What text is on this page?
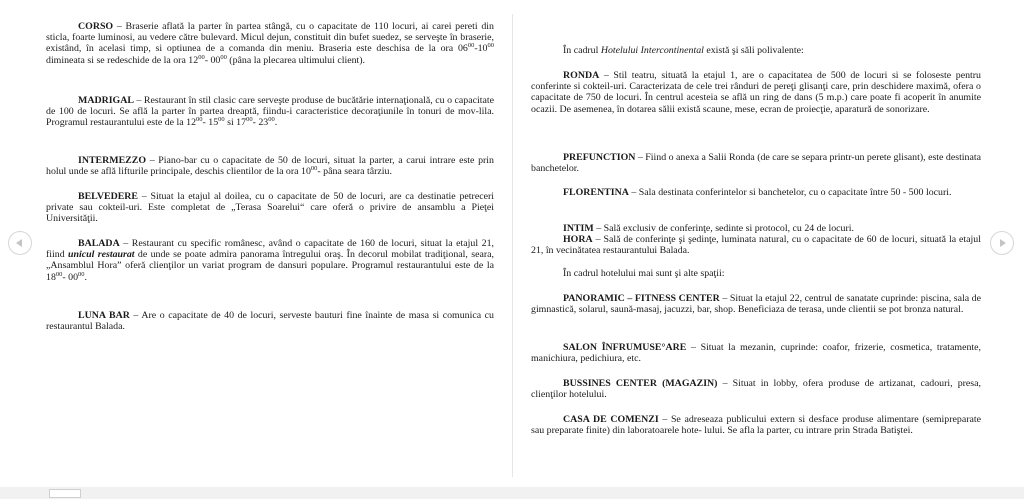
CORSO – Braserie aflată la parter în partea stângă, cu o capacitate de 110 locuri, ai carei pereti din sticla, foarte luminosi, au vedere către bulevard. Micul dejun, constituit din bufet suedez, se serveşte în braserie, existând, în acelasi timp, si optiunea de a comanda din meniu. Braseria este deschisa de la ora $06^{00}-10^{00}$ dimineata si se redeschide de la ora $12^{00}-$ $00^{00}$ (pâna la plecarea ultimului client).

MADRIGAL – Restaurant în stil clasic care serveşte produse de bucătărie internaţională, cu o capacitate de 100 de locuri. Se află la parter în partea dreaptă, fiindu-i caracteristice decoraţiunile în tonuri de mov-lila. Programul restaurantului este de la $12^{00}-$ $15^{00}$ si $17^{00}-$ $23^{00}$.

INTERMEZZO – Piano-bar cu o capacitate de 50 de locuri, situat la parter, a carui intrare este prin holul unde se află lifturile principale, deschis clientilor de la ora $10^{00}-$ pâna seara târziu.

BELVEDERE – Situat la etajul al doilea, cu o capacitate de 50 de locuri, are ca destinatie petreceri private sau cokteil-uri. Este completat de „Terasa Soarelui“ care oferă o privire de ansamblu a Pieţei Universităţii.

BALADA – Restaurant cu specific românesc, având o capacitate de 160 de locuri, situat la etajul 21, fiind unicul restaurat de unde se poate admira panorama întregului oraş. În decorul mobilat tradiţional, seara, „Ansamblul Hora” oferă clienţilor un variat program de dansuri populare. Programul restaurantului este de la $18^{00}-$ $00^{00}$.

LUNA BAR – Are o capacitate de 40 de locuri, serveste bauturi fine înainte de masa si comunica cu restaurantul Balada.

În cadrul Hotelului Intercontinental există şi săli polivalente:

RONDA – Stil teatru, situată la etajul 1, are o capacitatea de 500 de locuri si se foloseste pentru conferinte si cokteil-uri. Caracterizata de cele trei rânduri de pereţi glisanţi care, prin deschidere maximă, ofera o capacitate de 750 de locuri. În centrul acesteia se află un ring de dans (5 m.p.) care poate fi acoperit în anumite ocazii. De asemenea, în dotarea sălii există scaune, mese, ecran de proiecţie, aparatură de sonorizare.

PREFUNCTION – Fiind o anexa a Salii Ronda (de care se separa printr-un perete glisant), este destinata banchetelor.

FLORENTINA – Sala destinata conferintelor si banchetelor, cu o capacitate între 50 - 500 locuri.

INTIM – Sală exclusiv de conferinţe, sedinte si protocol, cu 24 de locuri.

HORA – Sală de conferinţe şi şedinţe, luminata natural, cu o capacitate de 60 de locuri, situată la etajul 21, în vecinătatea restaurantului Balada.

În cadrul hotelului mai sunt şi alte spaţii:

PANORAMIC – FITNESS CENTER – Situat la etajul 22, centrul de sanatate cuprinde: piscina, sala de gimnastică, solarul, saună-masaj, jacuzzi, bar, shop. Beneficiaza de terasa, unde clientii se pot bronza natural.

SALON ÎNFRUMUSE°ARE – Situat la mezanin, cuprinde: coafor, frizerie, cosmetica, tratamente, manichiura, pedichiura, etc.

BUSSINES CENTER (MAGAZIN) – Situat in lobby, ofera produse de artizanat, cadouri, presa, clienţilor hotelului.

CASA DE COMENZI – Se adreseaza publicului extern si desface produse alimentare (semipreparate sau preparate finite) din laboratoarele hote- lului. Se afla la parter, cu intrare prin Strada Batiştei.
